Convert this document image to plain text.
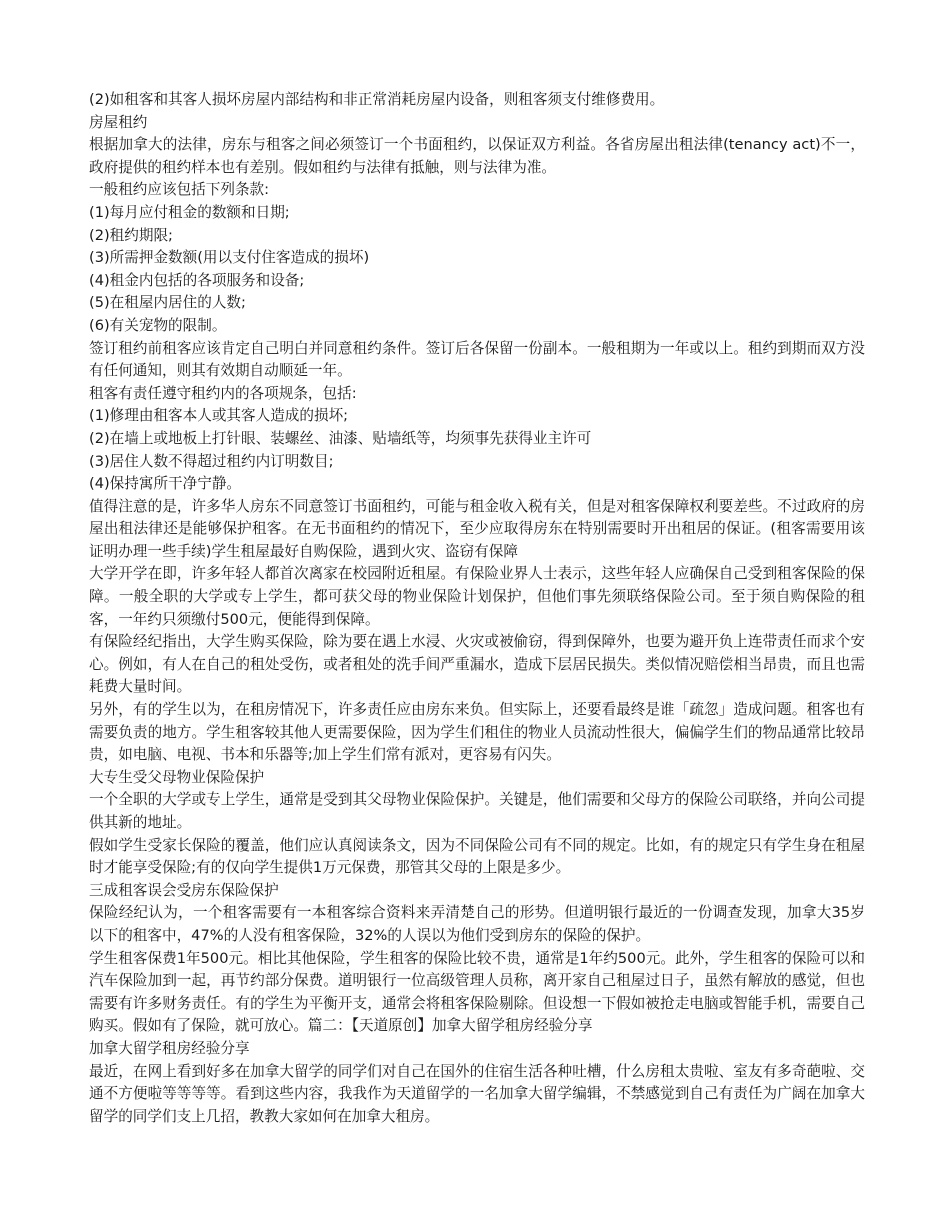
(2)如租客和其客人损坏房屋内部结构和非正常消耗房屋内设备，则租客须支付维修费用。

房屋租约

根据加拿大的法律，房东与租客之间必须签订一个书面租约，以保证双方利益。各省房屋出租法律(tenancy act)不一，政府提供的租约样本也有差别。假如租约与法律有抵触，则与法律为准。

一般租约应该包括下列条款:

(1)每月应付租金的数额和日期;

(2)租约期限;

(3)所需押金数额(用以支付住客造成的损坏)

(4)租金内包括的各项服务和设备;

(5)在租屋内居住的人数;

(6)有关宠物的限制。

签订租约前租客应该肯定自己明白并同意租约条件。签订后各保留一份副本。一般租期为一年或以上。租约到期而双方没有任何通知，则其有效期自动顺延一年。

租客有责任遵守租约内的各项规条，包括:

(1)修理由租客本人或其客人造成的损坏;

(2)在墙上或地板上打针眼、装螺丝、油漆、贴墙纸等，均须事先获得业主许可

(3)居住人数不得超过租约内订明数目;

(4)保持寓所干净宁静。

值得注意的是，许多华人房东不同意签订书面租约，可能与租金收入税有关，但是对租客保障权利要差些。不过政府的房屋出租法律还是能够保护租客。在无书面租约的情况下，至少应取得房东在特别需要时开出租居的保证。(租客需要用该证明办理一些手续)学生租屋最好自购保险，遇到火灾、盗窃有保障

大学开学在即，许多年轻人都首次离家在校园附近租屋。有保险业界人士表示，这些年轻人应确保自己受到租客保险的保障。一般全职的大学或专上学生，都可获父母的物业保险计划保护，但他们事先须联络保险公司。至于须自购保险的租客，一年约只须缴付500元，便能得到保障。

有保险经纪指出，大学生购买保险，除为要在遇上水浸、火灾或被偷窃，得到保障外，也要为避开负上连带责任而求个安心。例如，有人在自己的租处受伤，或者租处的洗手间严重漏水，造成下层居民损失。类似情况赔偿相当昂贵，而且也需耗费大量时间。

另外，有的学生以为，在租房情况下，许多责任应由房东来负。但实际上，还要看最终是谁「疏忽」造成问题。租客也有需要负责的地方。学生租客较其他人更需要保险，因为学生们租住的物业人员流动性很大，偏偏学生们的物品通常比较昂贵，如电脑、电视、书本和乐器等;加上学生们常有派对，更容易有闪失。

大专生受父母物业保险保护

一个全职的大学或专上学生，通常是受到其父母物业保险保护。关键是，他们需要和父母方的保险公司联络，并向公司提供其新的地址。

假如学生受家长保险的覆盖，他们应认真阅读条文，因为不同保险公司有不同的规定。比如，有的规定只有学生身在租屋时才能享受保险;有的仅向学生提供1万元保费，那管其父母的上限是多少。

三成租客误会受房东保险保护

保险经纪认为，一个租客需要有一本租客综合资料来弄清楚自己的形势。但道明银行最近的一份调查发现，加拿大35岁以下的租客中，47%的人没有租客保险，32%的人误以为他们受到房东的保险的保护。

学生租客保费1年500元。相比其他保险，学生租客的保险比较不贵，通常是1年约500元。此外，学生租客的保险可以和汽车保险加到一起，再节约部分保费。道明银行一位高级管理人员称，离开家自己租屋过日子，虽然有解放的感觉，但也需要有许多财务责任。有的学生为平衡开支，通常会将租客保险剔除。但设想一下假如被抢走电脑或智能手机，需要自己购买。假如有了保险，就可放心。篇二：【天道原创】加拿大留学租房经验分享

加拿大留学租房经验分享

最近，在网上看到好多在加拿大留学的同学们对自己在国外的住宿生活各种吐槽，什么房租太贵啦、室友有多奇葩啦、交通不方便啦等等等等。看到这些内容，我我作为天道留学的一名加拿大留学编辑，不禁感觉到自己有责任为广阔在加拿大留学的同学们支上几招，教教大家如何在加拿大租房。
